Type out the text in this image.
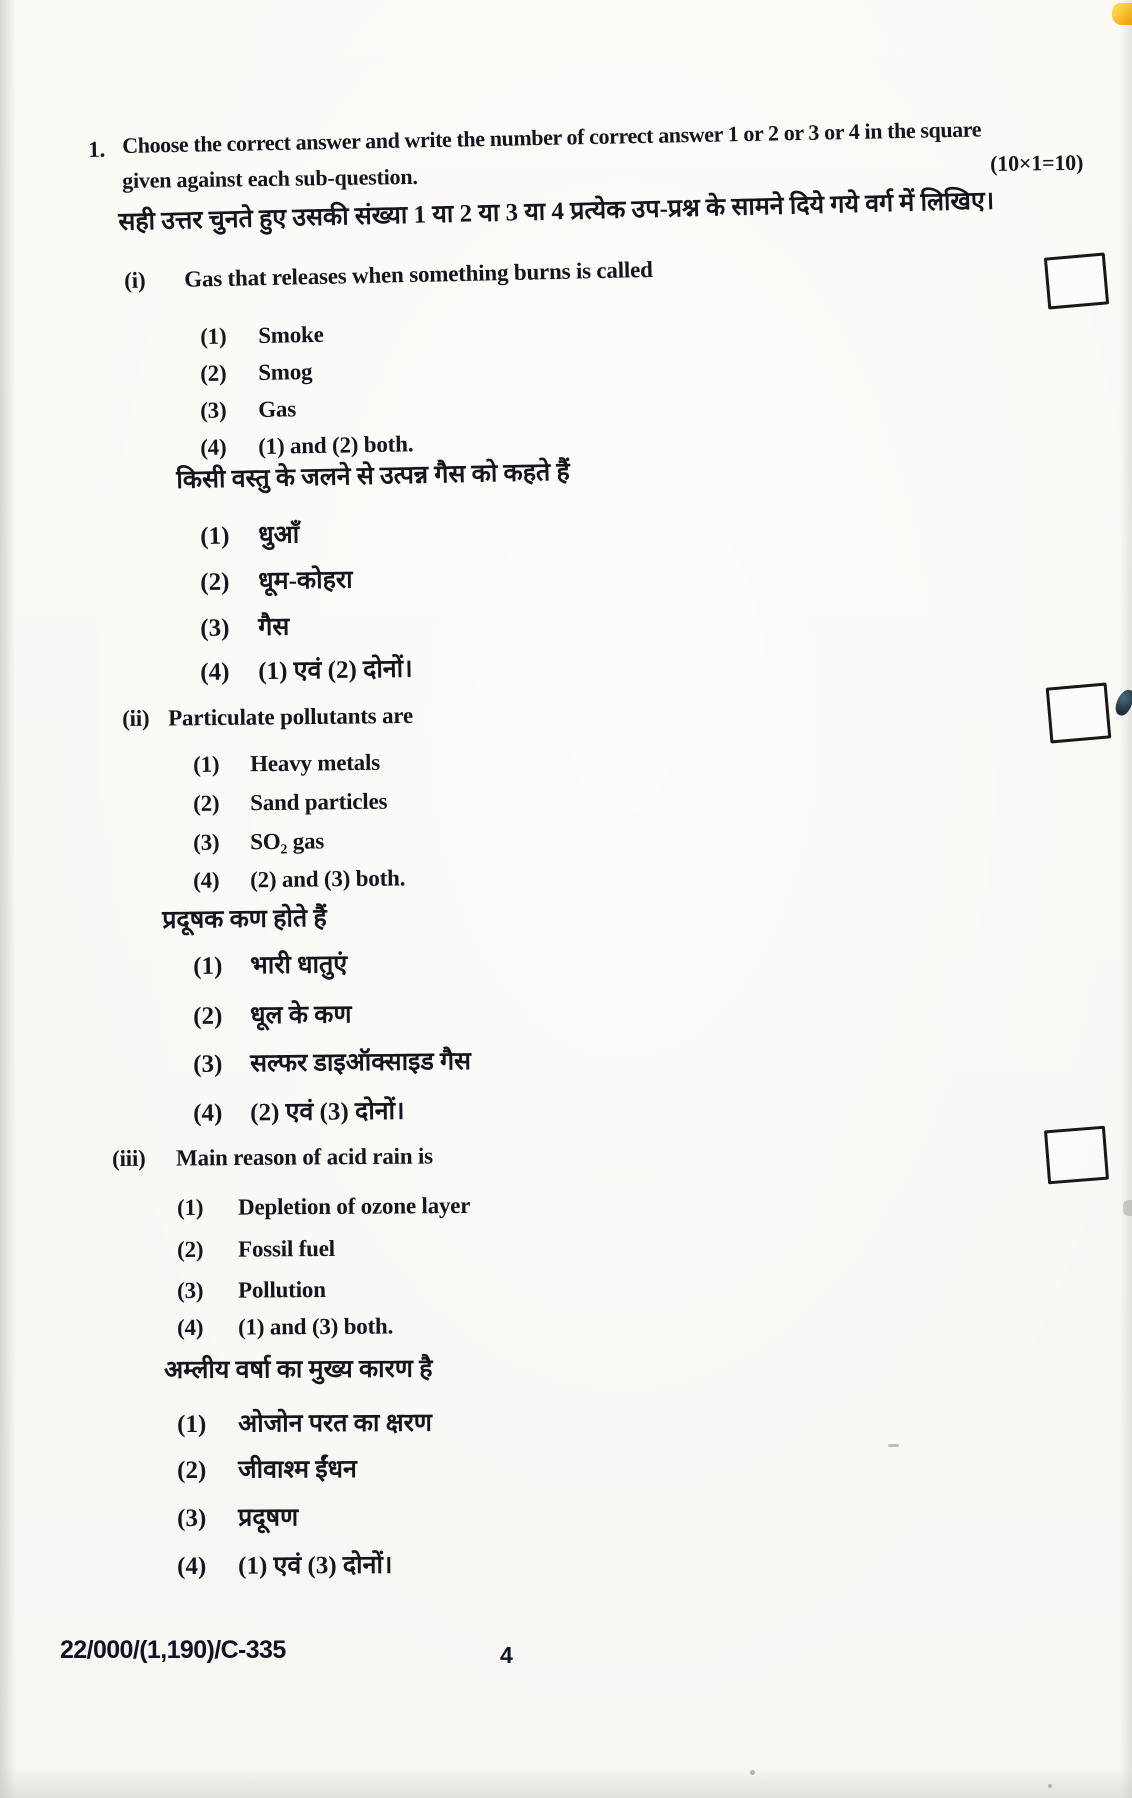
1. Choose the correct answer and write the number of correct answer 1 or 2 or 3 or 4 in the square
given against each sub-question.
(10×1=10)
सही उत्तर चुनते हुए उसकी संख्या 1 या 2 या 3 या 4 प्रत्येक उप-प्रश्न के सामने दिये गये वर्ग में लिखिए।
(i) Gas that releases when something burns is called
(1) Smoke
(2) Smog
(3) Gas
(4) (1) and (2) both.
किसी वस्तु के जलने से उत्पन्न गैस को कहते हैं
(1) धुआँ
(2) धूम-कोहरा
(3) गैस
(4) (1) एवं (2) दोनों।
(ii) Particulate pollutants are
(1) Heavy metals
(2) Sand particles
(3) SO₂ gas
(4) (2) and (3) both.
प्रदूषक कण होते हैं
(1) भारी धातुएं
(2) धूल के कण
(3) सल्फर डाइऑक्साइड गैस
(4) (2) एवं (3) दोनों।
(iii) Main reason of acid rain is
(1) Depletion of ozone layer
(2) Fossil fuel
(3) Pollution
(4) (1) and (3) both.
अम्लीय वर्षा का मुख्य कारण है
(1) ओजोन परत का क्षरण
(2) जीवाश्म ईंधन
(3) प्रदूषण
(4) (1) एवं (3) दोनों।
22/000/(1,190)/C-335	4
